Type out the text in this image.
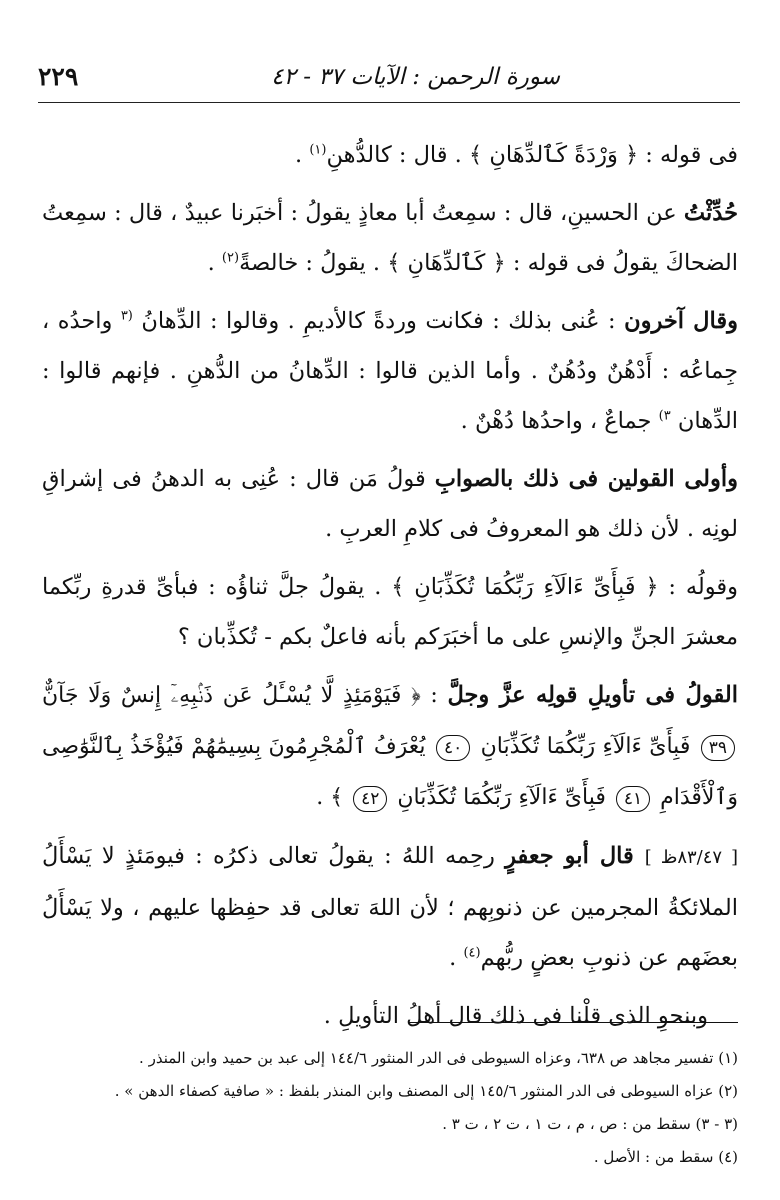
٢٢٩	سورة الرحمن : الآيات ٣٧ - ٤٢

فى قوله : ﴿ وَرْدَةً كَٱلدِّهَانِ ﴾ . قال : كالدُّهنِ$^{(١)}$ .

حُدِّثْتُ عن الحسينِ، قال : سمِعتُ أبا معاذٍ يقولُ : أخبَرنا عبيدٌ ، قال : سمِعتُ الضحاكَ يقولُ فى قوله : ﴿ كَٱلدِّهَانِ ﴾ . يقولُ : خالصةً$^{(٢)}$ .

وقال آخرون : عُنى بذلك : فكانت وردةً كالأديمِ . وقالوا : الدِّهانُ $^{(٣}$ واحدُه ، جِماعُه : أَدْهُنٌ ودُهُنٌ . وأما الذين قالوا : الدِّهانُ من الدُّهنِ . فإنهم قالوا : الدِّهان $^{٣)}$ جماعٌ ، واحدُها دُهْنٌ .

وأولى القولين فى ذلك بالصوابِ قولُ مَن قال : عُنِى به الدهنُ فى إشراقِ لونِه . لأن ذلك هو المعروفُ فى كلامِ العربِ .

وقولُه : ﴿ فَبِأَىِّ ءَالَآءِ رَبِّكُمَا تُكَذِّبَانِ ﴾ . يقولُ جلَّ ثناؤُه : فبأىِّ قدرةِ ربِّكما معشرَ الجنِّ والإنسِ على ما أخبَرَكم بأنه فاعلٌ بكم - تُكذِّبان ؟

القولُ فى تأويلِ قولِه عزَّ وجلَّ : ﴿ فَيَوْمَئِذٍ لَّا يُسْـَٔلُ عَن ذَنۢبِهِۦٓ إِنسٌ وَلَا جَآنٌّ ٣٩ فَبِأَىِّ ءَالَآءِ رَبِّكُمَا تُكَذِّبَانِ ٤٠ يُعْرَفُ ٱلْمُجْرِمُونَ بِسِيمَٰهُمْ فَيُؤْخَذُ بِٱلنَّوَٰصِى وَٱلْأَقْدَامِ ٤١ فَبِأَىِّ ءَالَآءِ رَبِّكُمَا تُكَذِّبَانِ ٤٢ ﴾ .

[ ٨٣/٤٧ظ ] قال أبو جعفرٍ رحِمه اللهُ : يقولُ تعالى ذكرُه : فيومَئذٍ لا يَسْأَلُ الملائكةُ المجرمين عن ذنوبِهم ؛ لأن اللهَ تعالى قد حفِظها عليهم ، ولا يَسْأَلُ بعضَهم عن ذنوبِ بعضٍ ربُّهم$^{(٤)}$ .

وبنحوِ الذى قلْنا فى ذلك قال أهلُ التأويلِ .

(١) تفسير مجاهد ص ٦٣٨، وعزاه السيوطى فى الدر المنثور ١٤٤/٦ إلى عبد بن حميد وابن المنذر .
(٢) عزاه السيوطى فى الدر المنثور ١٤٥/٦ إلى المصنف وابن المنذر بلفظ : « صافية كصفاء الدهن » .
(٣ - ٣) سقط من : ص ، م ، ت ١ ، ت ٢ ، ت ٣ .
(٤) سقط من : الأصل .
